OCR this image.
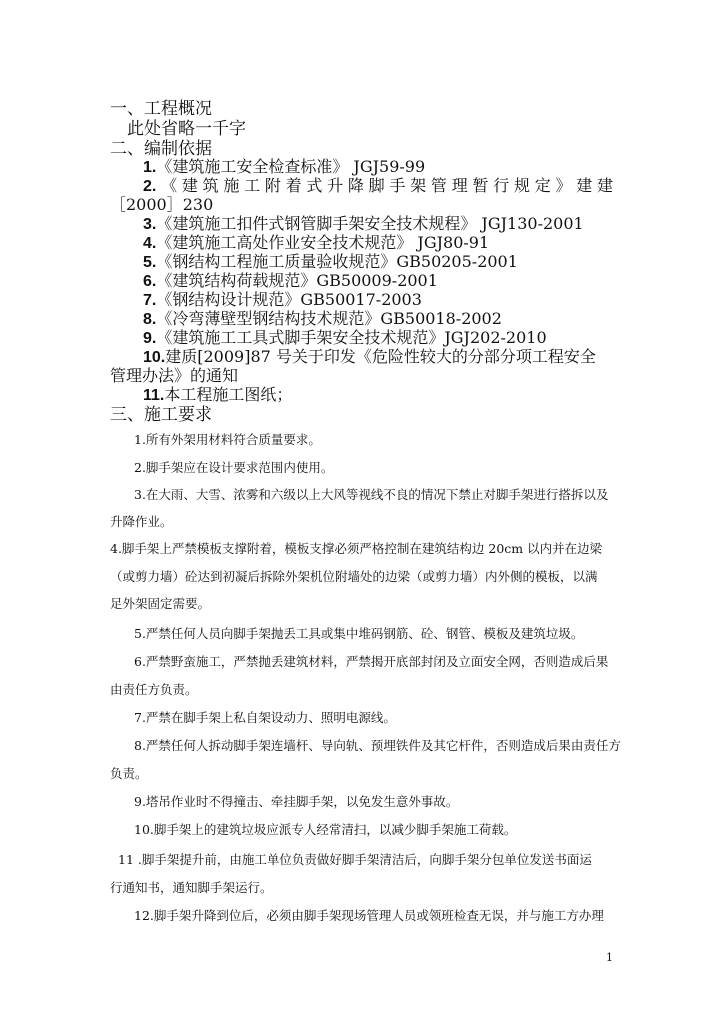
一、工程概况
此处省略一千字
二、编制依据
1.《建筑施工安全检查标准》 JGJ59-99
2.《建筑施工附着式升降脚手架管理暂行规定》建建
［2000］230
3.《建筑施工扣件式钢管脚手架安全技术规程》 JGJ130-2001
4.《建筑施工高处作业安全技术规范》 JGJ80-91
5.《钢结构工程施工质量验收规范》GB50205-2001
6.《建筑结构荷载规范》GB50009-2001
7.《钢结构设计规范》GB50017-2003
8.《冷弯薄壁型钢结构技术规范》GB50018-2002
9.《建筑施工工具式脚手架安全技术规范》JGJ202-2010
10.建质[2009]87 号关于印发《危险性较大的分部分项工程安全
管理办法》的通知
11.本工程施工图纸；
三、施工要求
1.所有外架用材料符合质量要求。
2.脚手架应在设计要求范围内使用。
3.在大雨、大雪、浓雾和六级以上大风等视线不良的情况下禁止对脚手架进行搭拆以及
升降作业。
4.脚手架上严禁模板支撑附着，模板支撑必须严格控制在建筑结构边 20cm 以内并在边梁
（或剪力墙）砼达到初凝后拆除外架机位附墙处的边梁（或剪力墙）内外侧的模板，以满
足外架固定需要。
5.严禁任何人员向脚手架抛丢工具或集中堆码钢筋、砼、钢管、模板及建筑垃圾。
6.严禁野蛮施工，严禁抛丢建筑材料，严禁揭开底部封闭及立面安全网，否则造成后果
由责任方负责。
7.严禁在脚手架上私自架设动力、照明电源线。
8.严禁任何人拆动脚手架连墙杆、导向轨、预埋铁件及其它杆件，否则造成后果由责任方
负责。
9.塔吊作业时不得撞击、牵挂脚手架，以免发生意外事故。
10.脚手架上的建筑垃圾应派专人经常清扫，以减少脚手架施工荷载。
11 .脚手架提升前，由施工单位负责做好脚手架清洁后，向脚手架分包单位发送书面运
行通知书，通知脚手架运行。
12.脚手架升降到位后，必须由脚手架现场管理人员或领班检查无误，并与施工方办理
1
